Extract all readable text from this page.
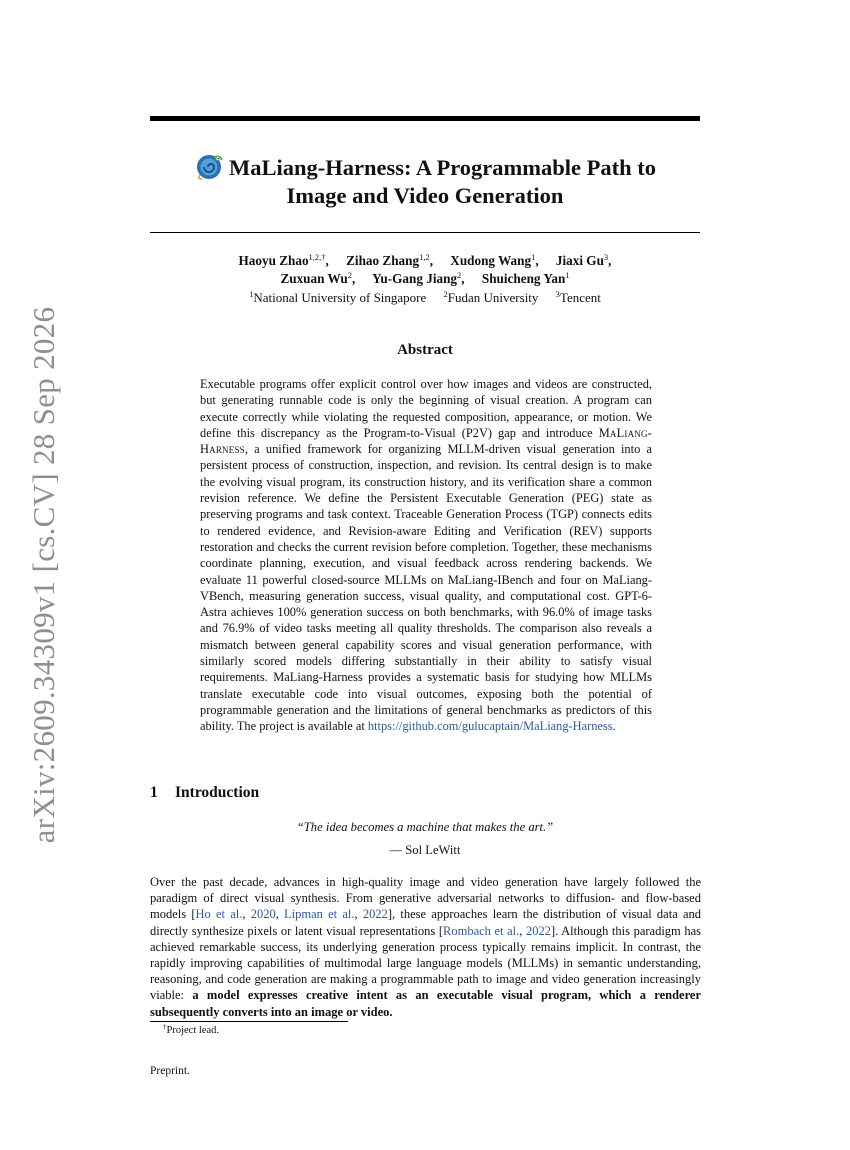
arXiv:2609.34309v1 [cs.CV] 28 Sep 2026
MaLiang-Harness: A Programmable Path to
Image and Video Generation
Haoyu Zhao$^{1,2,\dagger}$, Zihao Zhang$^{1,2}$, Xudong Wang$^1$, Jiaxi Gu$^3$,
Zuxuan Wu$^2$, Yu-Gang Jiang$^2$, Shuicheng Yan$^1$
$^1$National University of Singapore $^2$Fudan University $^3$Tencent
Abstract
Executable programs offer explicit control over how images and videos are constructed, but generating runnable code is only the beginning of visual creation. A program can execute correctly while violating the requested composition, appearance, or motion. We define this discrepancy as the Program-to-Visual (P2V) gap and introduce MaLiang-Harness, a unified framework for organizing MLLM-driven visual generation into a persistent process of construction, inspection, and revision. Its central design is to make the evolving visual program, its construction history, and its verification share a common revision reference. We define the Persistent Executable Generation (PEG) state as preserving programs and task context. Traceable Generation Process (TGP) connects edits to rendered evidence, and Revision-aware Editing and Verification (REV) supports restoration and checks the current revision before completion. Together, these mechanisms coordinate planning, execution, and visual feedback across rendering backends. We evaluate 11 powerful closed-source MLLMs on MaLiang-IBench and four on MaLiang-VBench, measuring generation success, visual quality, and computational cost. GPT-6-Astra achieves 100% generation success on both benchmarks, with 96.0% of image tasks and 76.9% of video tasks meeting all quality thresholds. The comparison also reveals a mismatch between general capability scores and visual generation performance, with similarly scored models differing substantially in their ability to satisfy visual requirements. MaLiang-Harness provides a systematic basis for studying how MLLMs translate executable code into visual outcomes, exposing both the potential of programmable generation and the limitations of general benchmarks as predictors of this ability. The project is available at https://github.com/gulucaptain/MaLiang-Harness.
1 Introduction
“The idea becomes a machine that makes the art.”
— Sol LeWitt
Over the past decade, advances in high-quality image and video generation have largely followed the paradigm of direct visual synthesis. From generative adversarial networks to diffusion- and flow-based models [Ho et al., 2020, Lipman et al., 2022], these approaches learn the distribution of visual data and directly synthesize pixels or latent visual representations [Rombach et al., 2022]. Although this paradigm has achieved remarkable success, its underlying generation process typically remains implicit. In contrast, the rapidly improving capabilities of multimodal large language models (MLLMs) in semantic understanding, reasoning, and code generation are making a programmable path to image and video generation increasingly viable: a model expresses creative intent as an executable visual program, which a renderer subsequently converts into an image or video.
†Project lead.
Preprint.
